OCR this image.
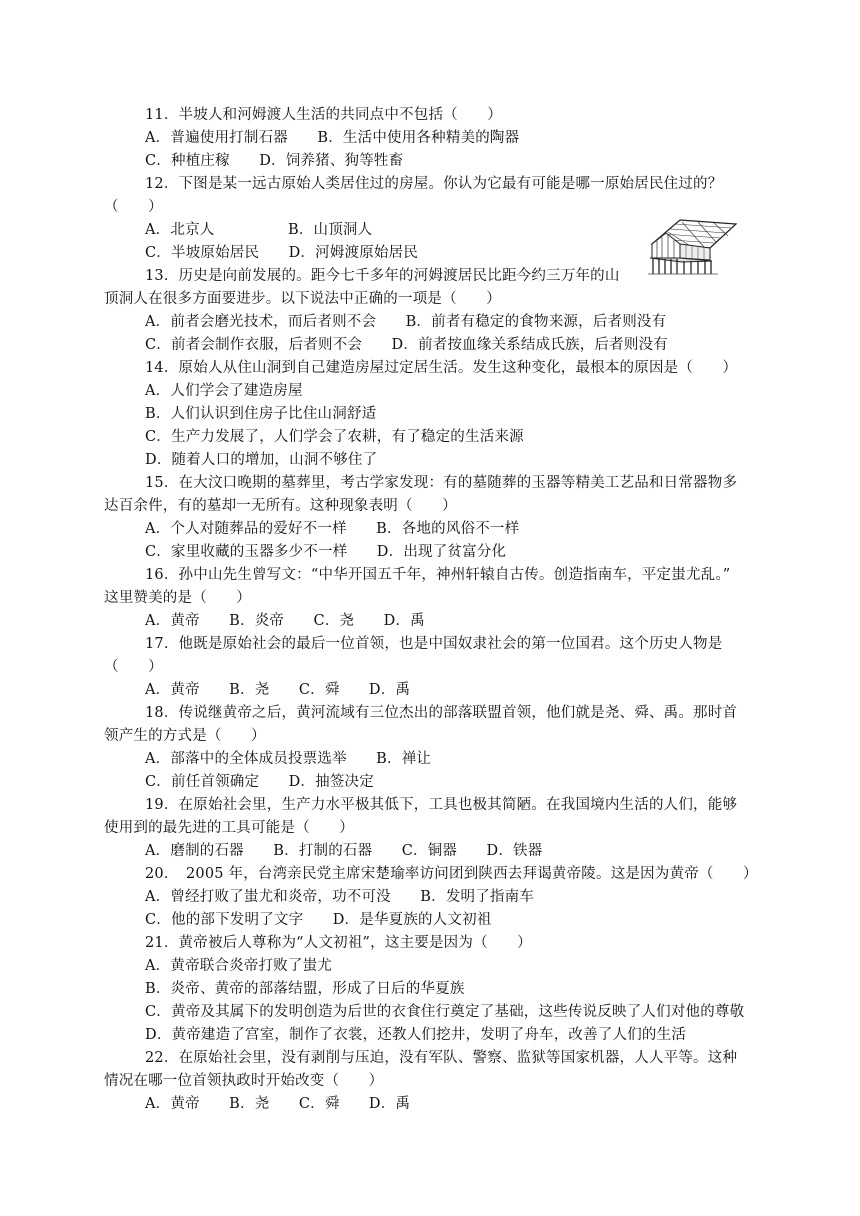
11．半坡人和河姆渡人生活的共同点中不包括（　　）
A．普遍使用打制石器　　B．生活中使用各种精美的陶器
C．种植庄稼　　D．饲养猪、狗等牲畜
12．下图是某一远古原始人类居住过的房屋。你认为它最有可能是哪一原始居民住过的？
（　　）
A．北京人　　　　　B．山顶洞人
C．半坡原始居民　　D．河姆渡原始居民
13．历史是向前发展的。距今七千多年的河姆渡居民比距今约三万年的山
顶洞人在很多方面要进步。以下说法中正确的一项是（　　）
A．前者会磨光技术，而后者则不会　　B．前者有稳定的食物来源，后者则没有
C．前者会制作衣服，后者则不会　　D．前者按血缘关系结成氏族，后者则没有
14．原始人从住山洞到自己建造房屋过定居生活。发生这种变化，最根本的原因是（　　）
A．人们学会了建造房屋
B．人们认识到住房子比住山洞舒适
C．生产力发展了，人们学会了农耕，有了稳定的生活来源
D．随着人口的增加，山洞不够住了
15．在大汶口晚期的墓葬里，考古学家发现：有的墓随葬的玉器等精美工艺品和日常器物多
达百余件，有的墓却一无所有。这种现象表明（　　）
A．个人对随葬品的爱好不一样　　B．各地的风俗不一样
C．家里收藏的玉器多少不一样　　D．出现了贫富分化
16．孙中山先生曾写文：“中华开国五千年，神州轩辕自古传。创造指南车，平定蚩尤乱。”
这里赞美的是（　　）
A．黄帝　　B．炎帝　　C．尧　　D．禹
17．他既是原始社会的最后一位首领，也是中国奴隶社会的第一位国君。这个历史人物是
（　　）
A．黄帝　　B．尧　　C．舜　　D．禹
18．传说继黄帝之后，黄河流域有三位杰出的部落联盟首领，他们就是尧、舜、禹。那时首
领产生的方式是（　　）
A．部落中的全体成员投票选举　　B．禅让
C．前任首领确定　　D．抽签决定
19．在原始社会里，生产力水平极其低下，工具也极其简陋。在我国境内生活的人们，能够
使用到的最先进的工具可能是（　　）
A．磨制的石器　　B．打制的石器　　C．铜器　　D．铁器
20．　2005 年，台湾亲民党主席宋楚瑜率访问团到陕西去拜谒黄帝陵。这是因为黄帝（　　）
A．曾经打败了蚩尤和炎帝，功不可没　　B．发明了指南车
C．他的部下发明了文字　　D．是华夏族的人文初祖
21．黄帝被后人尊称为“人文初祖”，这主要是因为（　　）
A．黄帝联合炎帝打败了蚩尤
B．炎帝、黄帝的部落结盟，形成了日后的华夏族
C．黄帝及其属下的发明创造为后世的衣食住行奠定了基础，这些传说反映了人们对他的尊敬
D．黄帝建造了宫室，制作了衣裳，还教人们挖井，发明了舟车，改善了人们的生活
22．在原始社会里，没有剥削与压迫，没有军队、警察、监狱等国家机器，人人平等。这种
情况在哪一位首领执政时开始改变（　　）
A．黄帝　　B．尧　　C．舜　　D．禹
